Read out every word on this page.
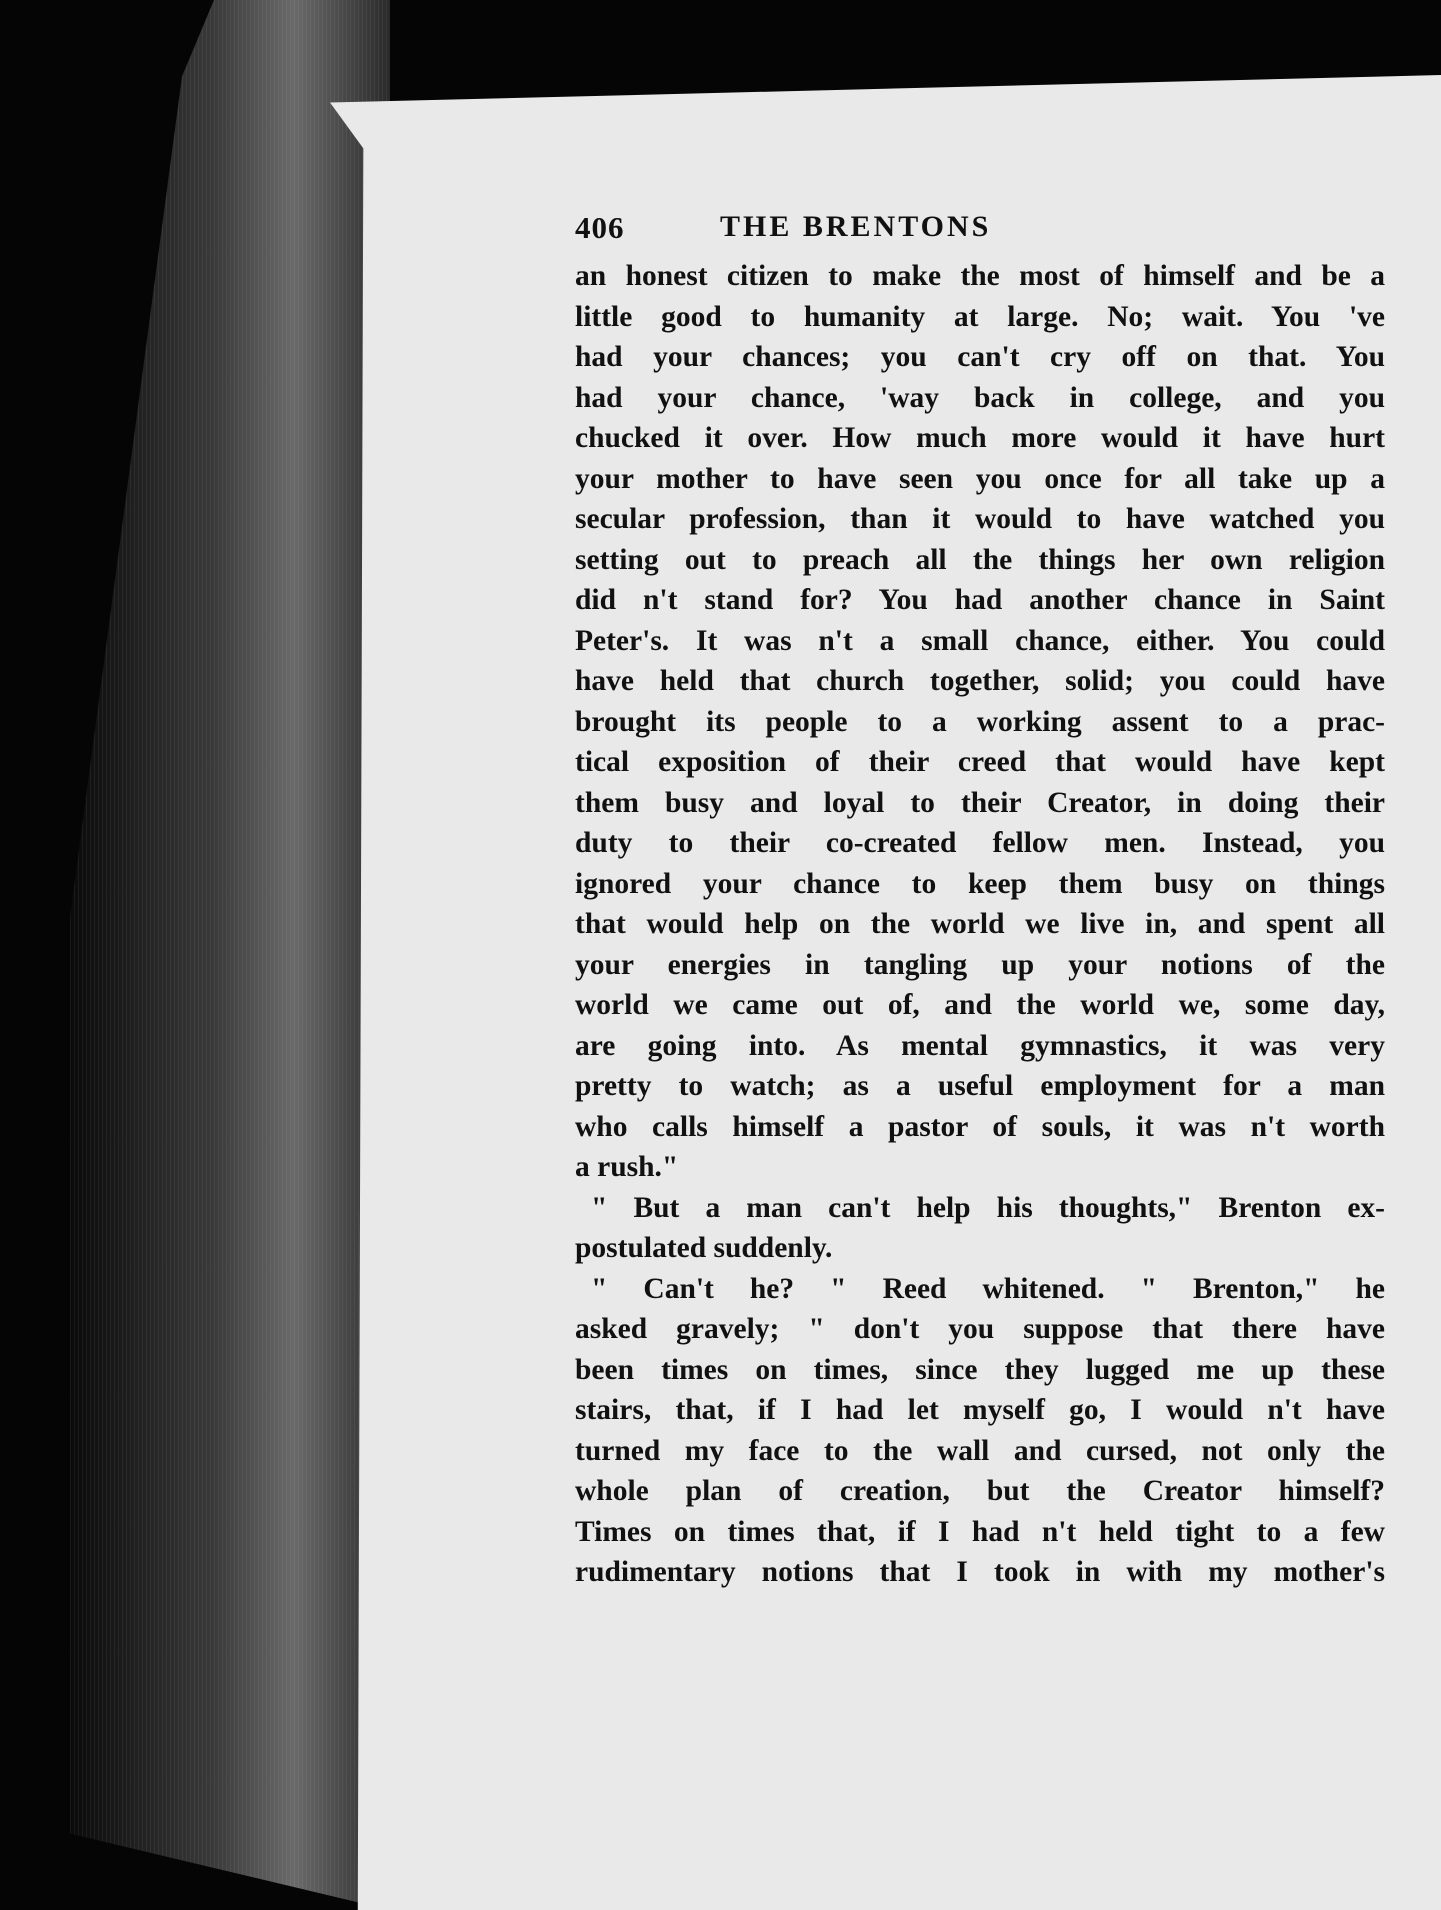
406	THE BRENTONS
an honest citizen to make the most of himself and be a
little good to humanity at large. No; wait. You 've
had your chances; you can't cry off on that. You
had your chance, 'way back in college, and you
chucked it over. How much more would it have hurt
your mother to have seen you once for all take up a
secular profession, than it would to have watched you
setting out to preach all the things her own religion
did n't stand for? You had another chance in Saint
Peter's. It was n't a small chance, either. You could
have held that church together, solid; you could have
brought its people to a working assent to a prac-
tical exposition of their creed that would have kept
them busy and loyal to their Creator, in doing their
duty to their co-created fellow men. Instead, you
ignored your chance to keep them busy on things
that would help on the world we live in, and spent all
your energies in tangling up your notions of the
world we came out of, and the world we, some day,
are going into. As mental gymnastics, it was very
pretty to watch; as a useful employment for a man
who calls himself a pastor of souls, it was n't worth
a rush."
" But a man can't help his thoughts," Brenton ex-
postulated suddenly.
" Can't he? " Reed whitened. " Brenton," he
asked gravely; " don't you suppose that there have
been times on times, since they lugged me up these
stairs, that, if I had let myself go, I would n't have
turned my face to the wall and cursed, not only the
whole plan of creation, but the Creator himself?
Times on times that, if I had n't held tight to a few
rudimentary notions that I took in with my mother's
